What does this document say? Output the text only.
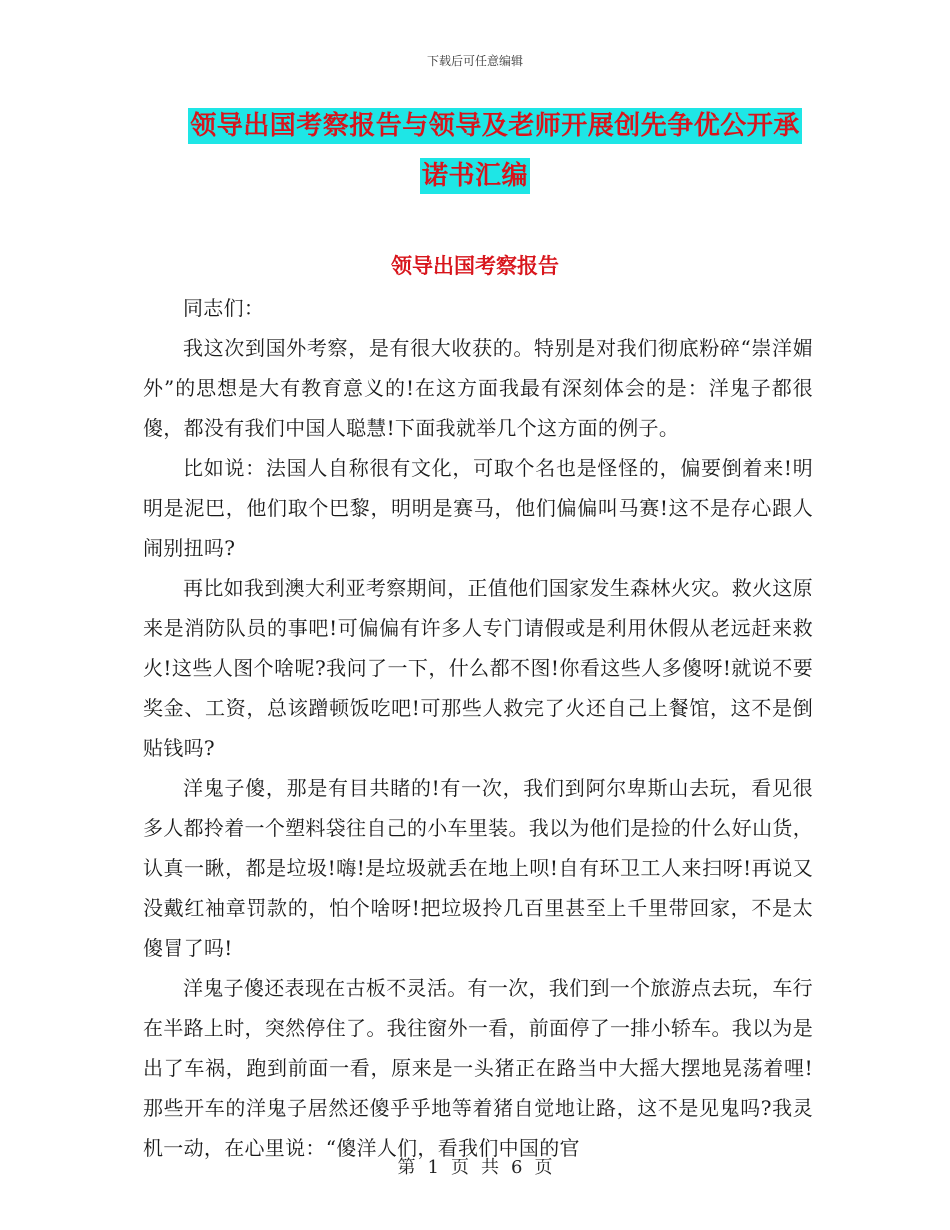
下载后可任意编辑
领导出国考察报告与领导及老师开展创先争优公开承
诺书汇编
领导出国考察报告

同志们：

我这次到国外考察，是有很大收获的。特别是对我们彻底粉碎“崇洋媚外”的思想是大有教育意义的!在这方面我最有深刻体会的是：洋鬼子都很傻，都没有我们中国人聪慧!下面我就举几个这方面的例子。

比如说：法国人自称很有文化，可取个名也是怪怪的，偏要倒着来!明明是泥巴，他们取个巴黎，明明是赛马，他们偏偏叫马赛!这不是存心跟人闹别扭吗?

再比如我到澳大利亚考察期间，正值他们国家发生森林火灾。救火这原来是消防队员的事吧!可偏偏有许多人专门请假或是利用休假从老远赶来救火!这些人图个啥呢?我问了一下，什么都不图!你看这些人多傻呀!就说不要奖金、工资，总该蹭顿饭吃吧!可那些人救完了火还自己上餐馆，这不是倒贴钱吗?

洋鬼子傻，那是有目共睹的!有一次，我们到阿尔卑斯山去玩，看见很多人都拎着一个塑料袋往自己的小车里装。我以为他们是捡的什么好山货，认真一瞅，都是垃圾!嗨!是垃圾就丢在地上呗!自有环卫工人来扫呀!再说又没戴红袖章罚款的，怕个啥呀!把垃圾拎几百里甚至上千里带回家，不是太傻冒了吗!

洋鬼子傻还表现在古板不灵活。有一次，我们到一个旅游点去玩，车行在半路上时，突然停住了。我往窗外一看，前面停了一排小轿车。我以为是出了车祸，跑到前面一看，原来是一头猪正在路当中大摇大摆地晃荡着哩!那些开车的洋鬼子居然还傻乎乎地等着猪自觉地让路，这不是见鬼吗?我灵机一动，在心里说：“傻洋人们，看我们中国的官

第 1 页 共 6 页
